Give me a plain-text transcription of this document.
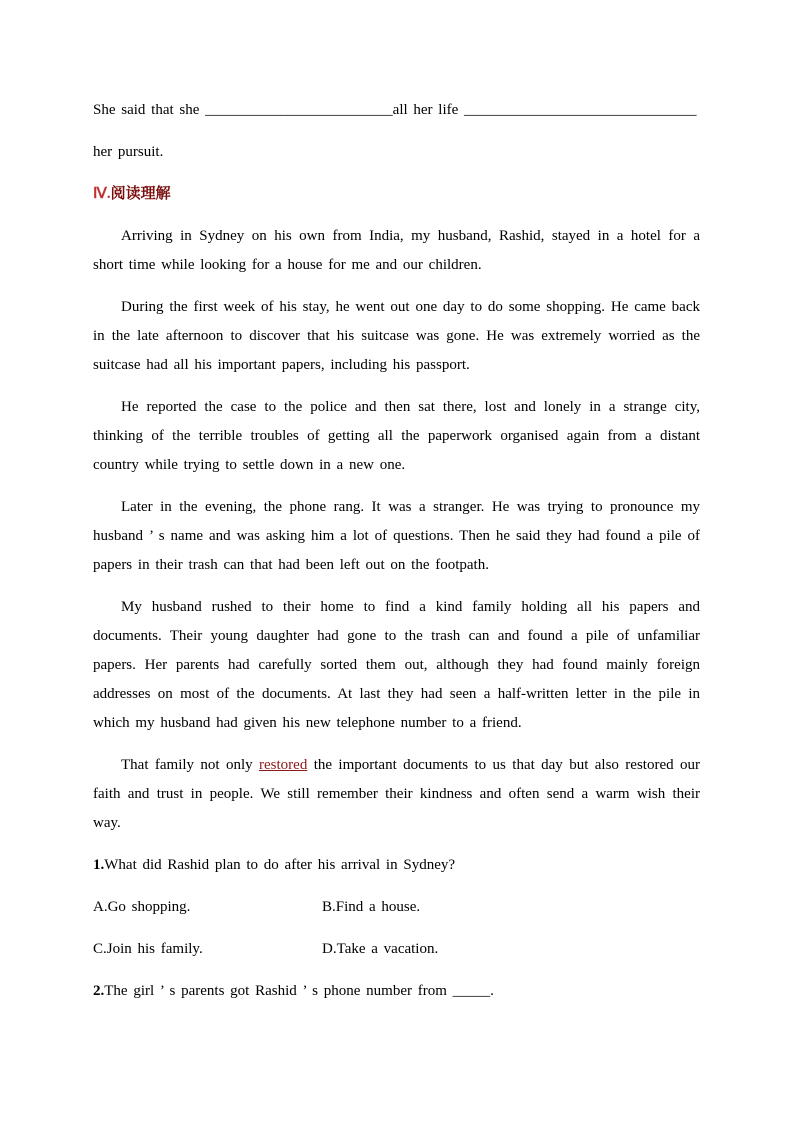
She said that she _________________________all her life _______________________________
her pursuit.
Ⅳ.阅读理解

Arriving in Sydney on his own from India, my husband, Rashid, stayed in a hotel for a short time while looking for a house for me and our children.

During the first week of his stay, he went out one day to do some shopping. He came back in the late afternoon to discover that his suitcase was gone. He was extremely worried as the suitcase had all his important papers, including his passport.

He reported the case to the police and then sat there, lost and lonely in a strange city, thinking of the terrible troubles of getting all the paperwork organised again from a distant country while trying to settle down in a new one.

Later in the evening, the phone rang. It was a stranger. He was trying to pronounce my husband ’ s name and was asking him a lot of questions. Then he said they had found a pile of papers in their trash can that had been left out on the footpath.

My husband rushed to their home to find a kind family holding all his papers and documents. Their young daughter had gone to the trash can and found a pile of unfamiliar papers. Her parents had carefully sorted them out, although they had found mainly foreign addresses on most of the documents. At last they had seen a half-written letter in the pile in which my husband had given his new telephone number to a friend.

That family not only restored the important documents to us that day but also restored our faith and trust in people. We still remember their kindness and often send a warm wish their way.

1.What did Rashid plan to do after his arrival in Sydney?
A.Go shopping.	B.Find a house.
C.Join his family.	D.Take a vacation.
2.The girl ’ s parents got Rashid ’ s phone number from _____.
